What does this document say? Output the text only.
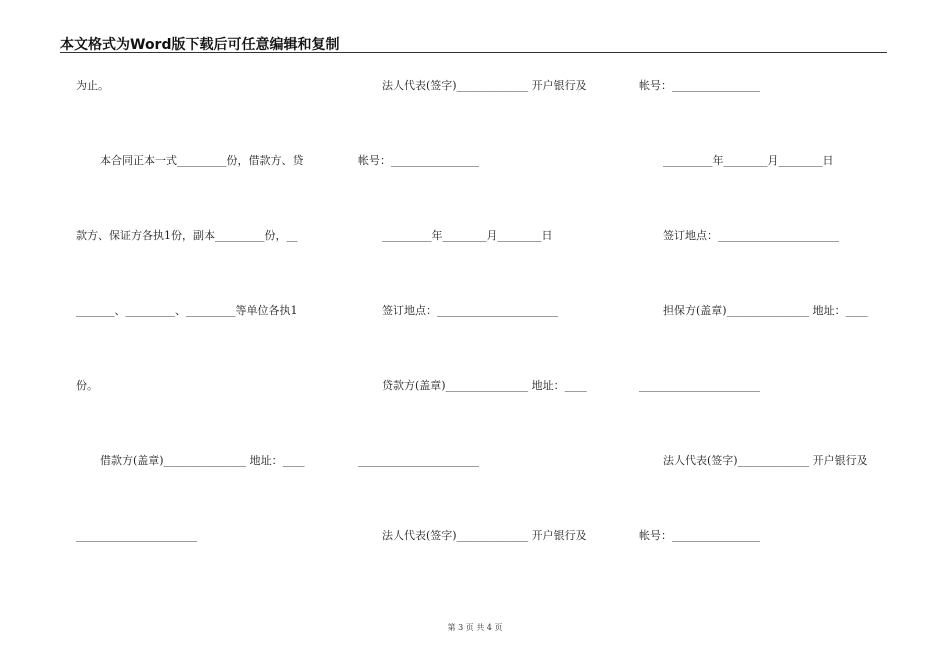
本文格式为Word版下载后可任意编辑和复制
为止。
本合同正本一式_________份，借款方、贷
款方、保证方各执1份，副本_________份，__
_______、_________、_________等单位各执1
份。
借款方(盖章)_______________ 地址：____
______________________
法人代表(签字)_____________ 开户银行及
帐号：________________
_________年________月________日
签订地点：______________________
贷款方(盖章)_______________ 地址：____
______________________
法人代表(签字)_____________ 开户银行及
帐号：________________
_________年________月________日
签订地点：______________________
担保方(盖章)_______________ 地址：____
______________________
法人代表(签字)_____________ 开户银行及
帐号：________________
第 3 页 共 4 页
